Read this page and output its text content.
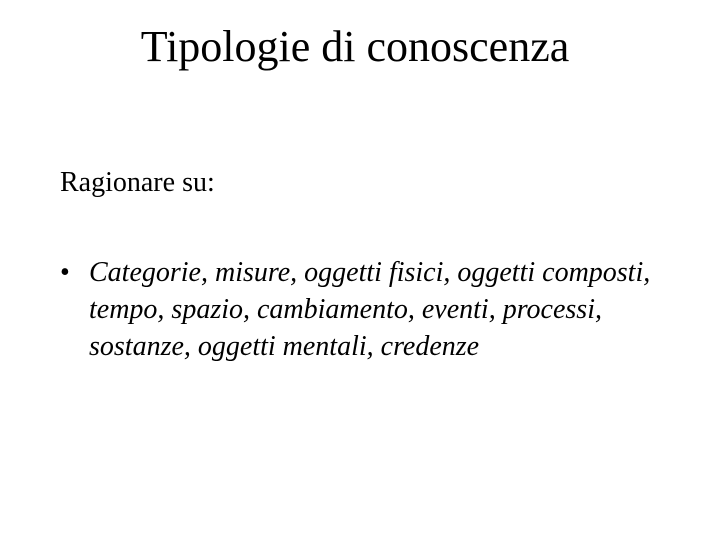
Tipologie di conoscenza
Ragionare su:
• Categorie, misure, oggetti fisici, oggetti composti, tempo, spazio, cambiamento, eventi, processi, sostanze, oggetti mentali, credenze
